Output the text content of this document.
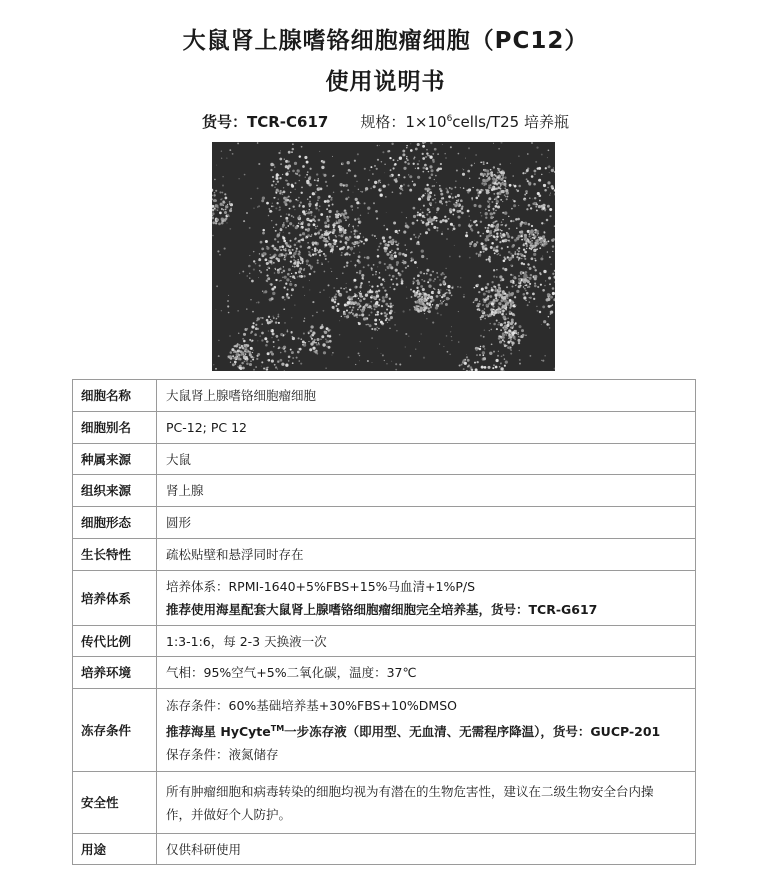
大鼠肾上腺嗜铬细胞瘤细胞（PC12）
使用说明书
货号：TCR-C617 规格：$1\times 10^6cells/T25$ 培养瓶
细胞名称	大鼠肾上腺嗜铬细胞瘤细胞
细胞别名	PC-12; PC 12
种属来源	大鼠
组织来源	肾上腺
细胞形态	圆形
生长特性	疏松贴壁和悬浮同时存在
培养体系	培养体系：RPMI-1640+5%FBS+15%马血清+1%P/S
推荐使用海星配套大鼠肾上腺嗜铬细胞瘤细胞完全培养基，货号：TCR-G617

传代比例	1:3-1:6，每 2-3 天换液一次
培养环境	气相：95%空气+5%二氧化碳，温度：37℃
冻存条件	冻存条件：60%基础培养基+30%FBS+10%DMSO
推荐海星 HyCyte™一步冻存液（即用型、无血清、无需程序降温），货号：GUCP-201
保存条件：液氮储存

安全性	所有肿瘤细胞和病毒转染的细胞均视为有潜在的生物危害性，建议在二级生物安全台内操
作，并做好个人防护。

用途	仅供科研使用
